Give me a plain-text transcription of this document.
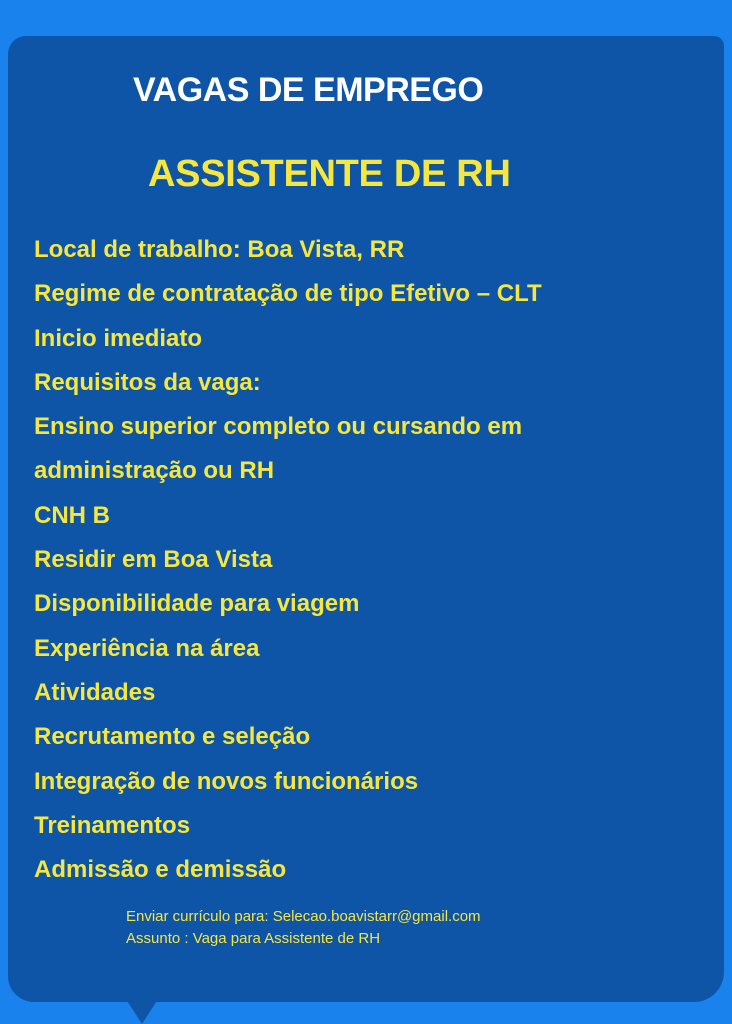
VAGAS DE EMPREGO
ASSISTENTE DE RH
Local de trabalho: Boa Vista, RR
Regime de contratação de tipo Efetivo – CLT
Inicio imediato
Requisitos da vaga:
Ensino superior completo ou cursando em
administração ou RH
CNH B
Residir em Boa Vista
Disponibilidade para viagem
Experiência na área
Atividades
Recrutamento e seleção
Integração de novos funcionários
Treinamentos
Admissão e demissão
Enviar currículo para: Selecao.boavistarr@gmail.com
Assunto : Vaga para Assistente de RH
